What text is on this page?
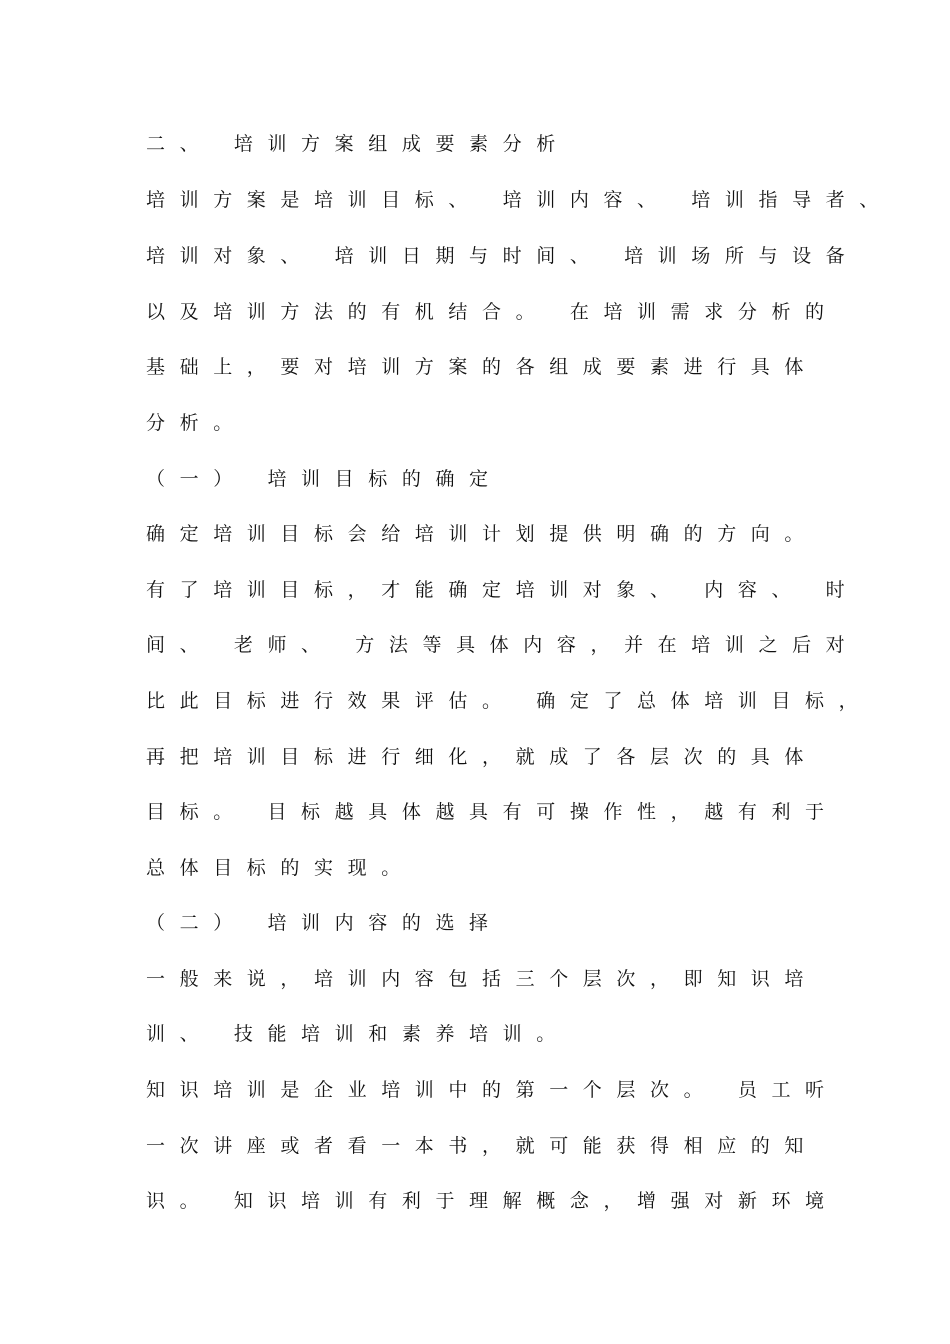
二、 培训方案组成要素分析

培训方案是培训目标、 培训内容、 培训指导者、

培训对象、 培训日期与时间、 培训场所与设备

以及培训方法的有机结合。 在培训需求分析的

基础上，要对培训方案的各组成要素进行具体

分析。

（一） 培训目标的确定

确定培训目标会给培训计划提供明确的方向。

有了培训目标，才能确定培训对象、 内容、 时

间、 老师、 方法等具体内容，并在培训之后对

比此目标进行效果评估。 确定了总体培训目标，

再把培训目标进行细化，就成了各层次的具体

目标。 目标越具体越具有可操作性，越有利于

总体目标的实现。

（二） 培训内容的选择

一般来说，培训内容包括三个层次，即知识培

训、 技能培训和素养培训。

知识培训是企业培训中的第一个层次。 员工听

一次讲座或者看一本书，就可能获得相应的知

识。 知识培训有利于理解概念，增强对新环境
